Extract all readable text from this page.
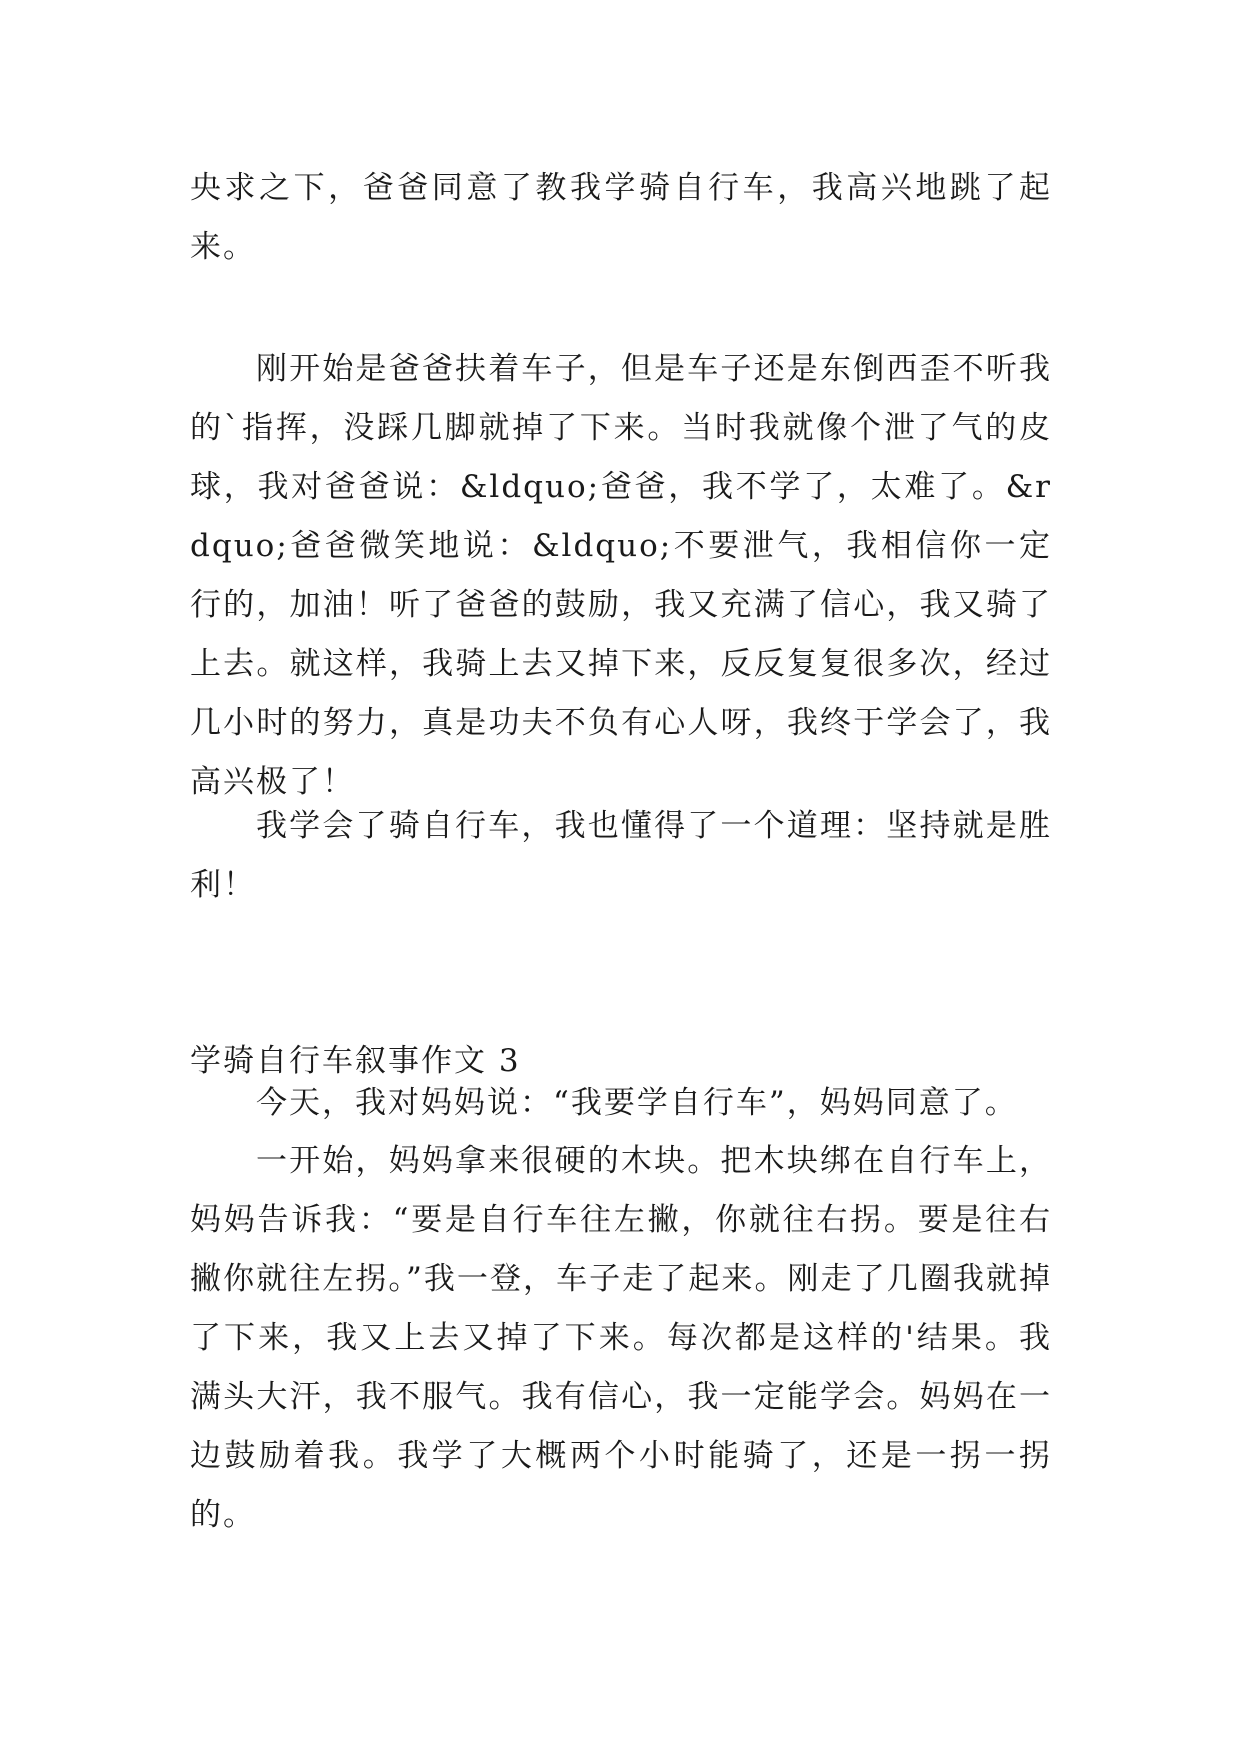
央求之下，爸爸同意了教我学骑自行车，我高兴地跳了起来。

刚开始是爸爸扶着车子，但是车子还是东倒西歪不听我的`指挥，没踩几脚就掉了下来。当时我就像个泄了气的皮球，我对爸爸说：&ldquo;爸爸，我不学了，太难了。&rdquo;爸爸微笑地说：&ldquo;不要泄气，我相信你一定行的，加油！听了爸爸的鼓励，我又充满了信心，我又骑了上去。就这样，我骑上去又掉下来，反反复复很多次，经过几小时的努力，真是功夫不负有心人呀，我终于学会了，我高兴极了！

我学会了骑自行车，我也懂得了一个道理：坚持就是胜利！

学骑自行车叙事作文 3

今天，我对妈妈说：“我要学自行车”，妈妈同意了。

一开始，妈妈拿来很硬的木块。把木块绑在自行车上，妈妈告诉我：“要是自行车往左撇，你就往右拐。要是往右撇你就往左拐。”我一登，车子走了起来。刚走了几圈我就掉了下来，我又上去又掉了下来。每次都是这样的'结果。我满头大汗，我不服气。我有信心，我一定能学会。妈妈在一边鼓励着我。我学了大概两个小时能骑了，还是一拐一拐的。
